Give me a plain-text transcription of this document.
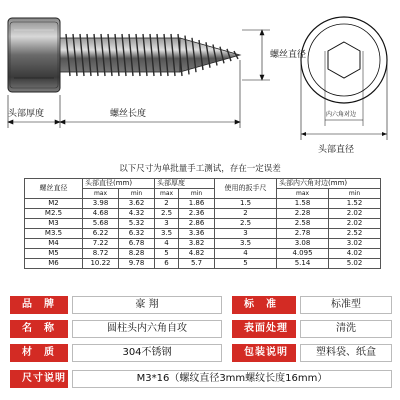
螺丝直径
头部厚度	螺丝长度	内六角对边
头部直径
以下尺寸为单批量手工测试，存在一定误差
螺丝直径	头部直径(mm)		头部厚度		使用的扳手尺	头部内六角对边(mm)	
	max	min	max	min		max	min
M2	3.98	3.62	2	1.86	1.5	1.58	1.52
M2.5	4.68	4.32	2.5	2.36	2	2.28	2.02
M3	5.68	5.32	3	2.86	2.5	2.58	2.02
M3.5	6.22	6.32	3.5	3.36	3	2.78	2.52
M4	7.22	6.78	4	3.82	3.5	3.08	3.02
M5	8.72	8.28	5	4.82	4	4.095	4.02
M6	10.22	9.78	6	5.7	5	5.14	5.02
品　牌	豪 翔	标　准	标准型
名　称	圆柱头内六角自攻	表面处理	清洗
材　质	304不锈钢	包装说明	塑料袋、纸盒
尺寸说明	M3*16（螺纹直径3mm螺纹长度16mm）
